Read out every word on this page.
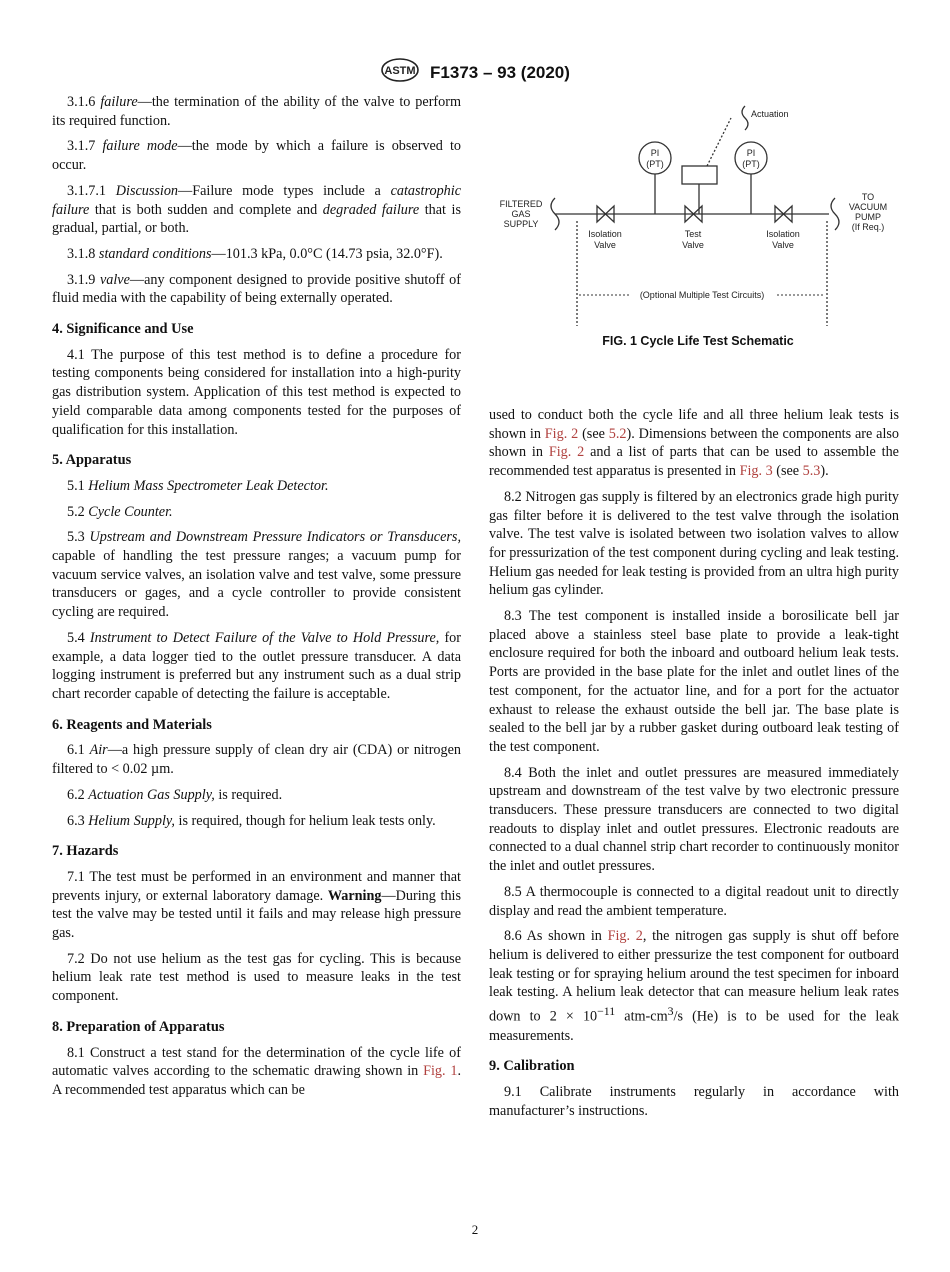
ASTM F1373 – 93 (2020)

3.1.6 failure—the termination of the ability of the valve to perform its required function.

3.1.7 failure mode—the mode by which a failure is observed to occur.

3.1.7.1 Discussion—Failure mode types include a catastrophic failure that is both sudden and complete and degraded failure that is gradual, partial, or both.

3.1.8 standard conditions—101.3 kPa, 0.0°C (14.73 psia, 32.0°F).

3.1.9 valve—any component designed to provide positive shutoff of fluid media with the capability of being externally operated.

4. Significance and Use

4.1 The purpose of this test method is to define a procedure for testing components being considered for installation into a high-purity gas distribution system. Application of this test method is expected to yield comparable data among components tested for the purposes of qualification for this installation.

5. Apparatus

5.1 Helium Mass Spectrometer Leak Detector.

5.2 Cycle Counter.

5.3 Upstream and Downstream Pressure Indicators or Transducers, capable of handling the test pressure ranges; a vacuum pump for vacuum service valves, an isolation valve and test valve, some pressure transducers or gages, and a cycle controller to provide consistent cycling are required.

5.4 Instrument to Detect Failure of the Valve to Hold Pressure, for example, a data logger tied to the outlet pressure transducer. A data logging instrument is preferred but any instrument such as a dual strip chart recorder capable of detecting the failure is acceptable.

6. Reagents and Materials

6.1 Air—a high pressure supply of clean dry air (CDA) or nitrogen filtered to < 0.02 µm.

6.2 Actuation Gas Supply, is required.

6.3 Helium Supply, is required, though for helium leak tests only.

7. Hazards

7.1 The test must be performed in an environment and manner that prevents injury, or external laboratory damage. Warning—During this test the valve may be tested until it fails and may release high pressure gas.

7.2 Do not use helium as the test gas for cycling. This is because helium leak rate test method is used to measure leaks in the test component.

8. Preparation of Apparatus

8.1 Construct a test stand for the determination of the cycle life of automatic valves according to the schematic drawing shown in Fig. 1. A recommended test apparatus which can be

Actuation
PI
(PT)
PI
(PT)
FILTERED
GAS
SUPPLY
Isolation
Valve
Test
Valve
Isolation
Valve
TO
VACUUM
PUMP
(If Req.)
(Optional Multiple Test Circuits)
FIG. 1 Cycle Life Test Schematic

used to conduct both the cycle life and all three helium leak tests is shown in Fig. 2 (see 5.2). Dimensions between the components are also shown in Fig. 2 and a list of parts that can be used to assemble the recommended test apparatus is presented in Fig. 3 (see 5.3).

8.2 Nitrogen gas supply is filtered by an electronics grade high purity gas filter before it is delivered to the test valve through the isolation valve. The test valve is isolated between two isolation valves to allow for pressurization of the test component during cycling and leak testing. Helium gas needed for leak testing is provided from an ultra high purity helium gas cylinder.

8.3 The test component is installed inside a borosilicate bell jar placed above a stainless steel base plate to provide a leak-tight enclosure required for both the inboard and outboard helium leak tests. Ports are provided in the base plate for the inlet and outlet lines of the test component, for the actuator line, and for a port for the actuator exhaust to release the exhaust outside the bell jar. The base plate is sealed to the bell jar by a rubber gasket during outboard leak testing of the test component.

8.4 Both the inlet and outlet pressures are measured immediately upstream and downstream of the test valve by two electronic pressure transducers. These pressure transducers are connected to two digital readouts to display inlet and outlet pressures. Electronic readouts are connected to a dual channel strip chart recorder to continuously monitor the inlet and outlet pressures.

8.5 A thermocouple is connected to a digital readout unit to directly display and read the ambient temperature.

8.6 As shown in Fig. 2, the nitrogen gas supply is shut off before helium is delivered to either pressurize the test component for outboard leak testing or for spraying helium around the test specimen for inboard leak testing. A helium leak detector that can measure helium leak rates down to $2 \times 10^{-11}$ atm-$cm^3/s$ (He) is to be used for the leak measurements.

9. Calibration

9.1 Calibrate instruments regularly in accordance with manufacturer’s instructions.

2
